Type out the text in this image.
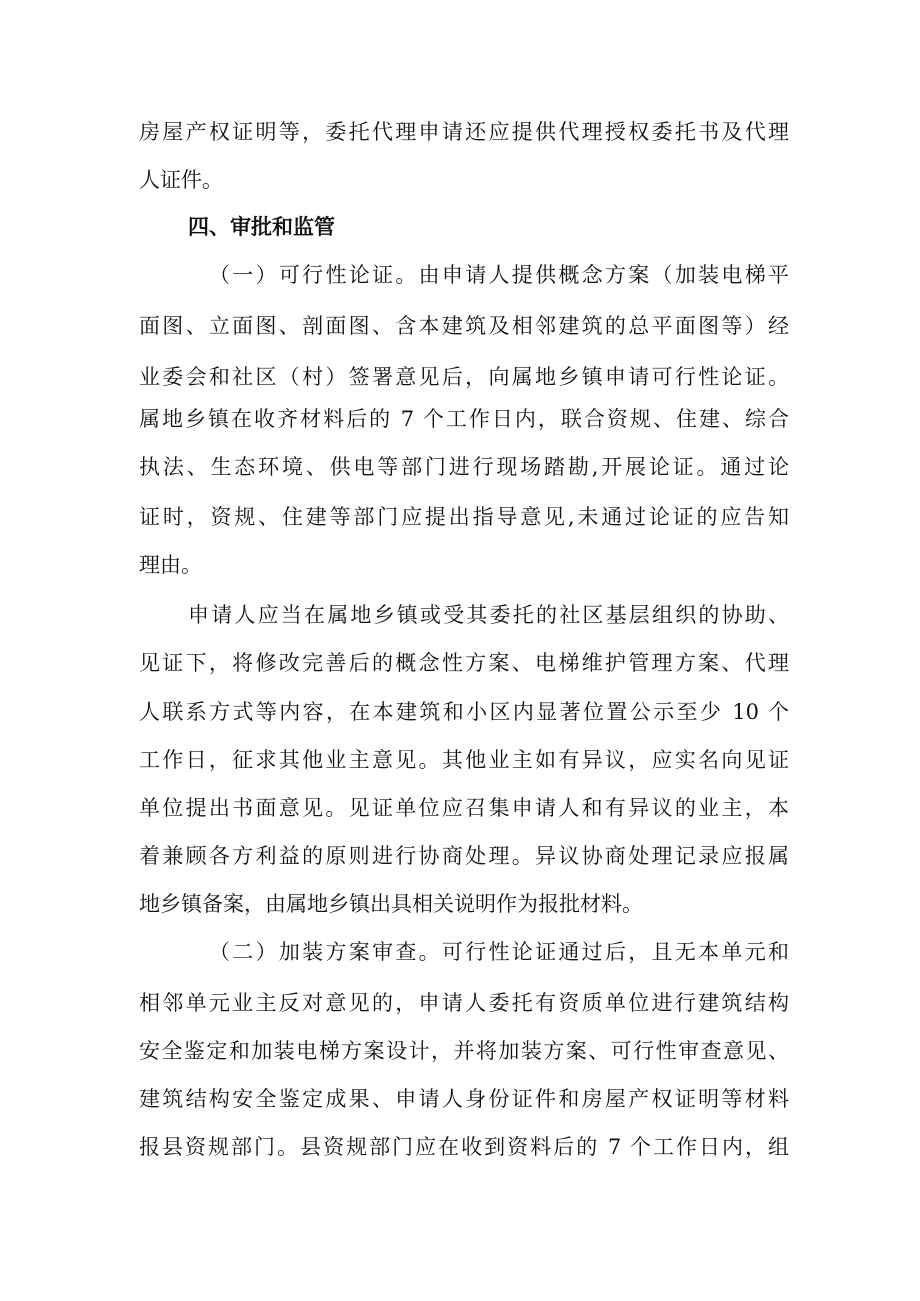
房屋产权证明等，委托代理申请还应提供代理授权委托书及代理
人证件。
四、审批和监管
（一）可行性论证。由申请人提供概念方案（加装电梯平
面图、立面图、剖面图、含本建筑及相邻建筑的总平面图等）经
业委会和社区（村）签署意见后，向属地乡镇申请可行性论证。
属地乡镇在收齐材料后的 7 个工作日内，联合资规、住建、综合
执法、生态环境、供电等部门进行现场踏勘,开展论证。通过论
证时，资规、住建等部门应提出指导意见,未通过论证的应告知
理由。
申请人应当在属地乡镇或受其委托的社区基层组织的协助、
见证下，将修改完善后的概念性方案、电梯维护管理方案、代理
人联系方式等内容，在本建筑和小区内显著位置公示至少 10 个
工作日，征求其他业主意见。其他业主如有异议，应实名向见证
单位提出书面意见。见证单位应召集申请人和有异议的业主，本
着兼顾各方利益的原则进行协商处理。异议协商处理记录应报属
地乡镇备案，由属地乡镇出具相关说明作为报批材料。
（二）加装方案审查。可行性论证通过后，且无本单元和
相邻单元业主反对意见的，申请人委托有资质单位进行建筑结构
安全鉴定和加装电梯方案设计，并将加装方案、可行性审查意见、
建筑结构安全鉴定成果、申请人身份证件和房屋产权证明等材料
报县资规部门。县资规部门应在收到资料后的 7 个工作日内，组
